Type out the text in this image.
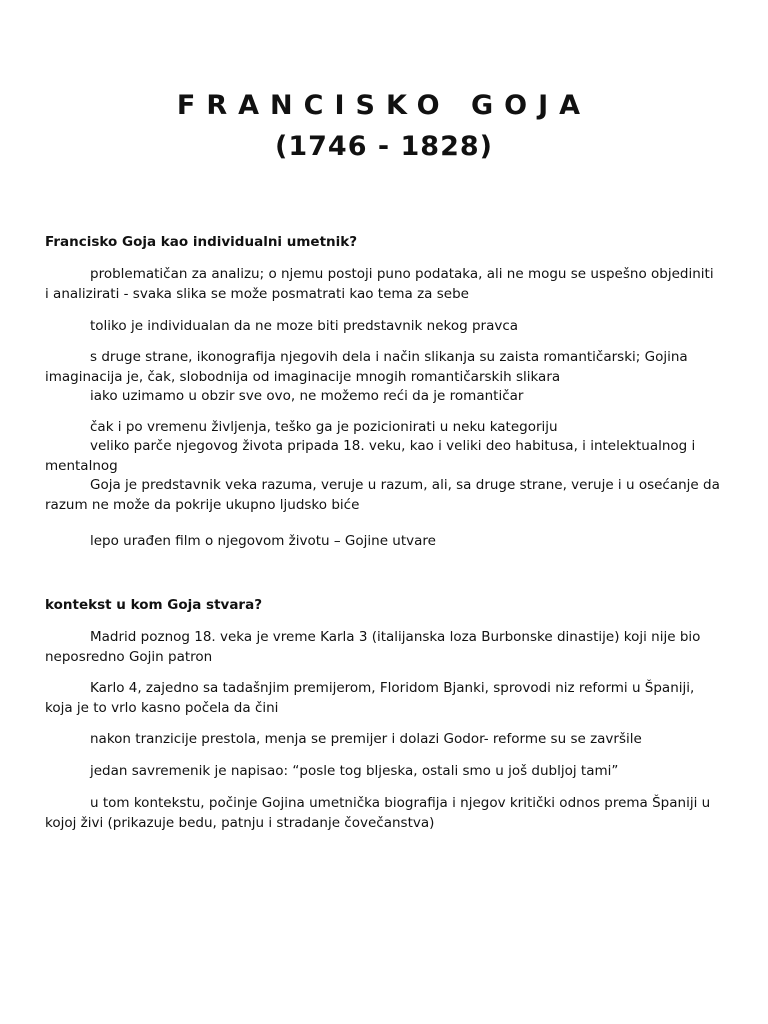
FRANCISKO GOJA
(1746 - 1828)
Francisko Goja kao individualni umetnik?

problematičan za analizu; o njemu postoji puno podataka, ali ne mogu se uspešno objediniti i analizirati - svaka slika se može posmatrati kao tema za sebe

toliko je individualan da ne moze biti predstavnik nekog pravca

s druge strane, ikonografija njegovih dela i način slikanja su zaista romantičarski; Gojina imaginacija je, čak, slobodnija od imaginacije mnogih romantičarskih slikara

iako uzimamo u obzir sve ovo, ne možemo reći da je romantičar

čak i po vremenu življenja, teško ga je pozicionirati u neku kategoriju

veliko parče njegovog života pripada 18. veku, kao i veliki deo habitusa, i intelektualnog i mentalnog

Goja je predstavnik veka razuma, veruje u razum, ali, sa druge strane, veruje i u osećanje da razum ne može da pokrije ukupno ljudsko biće

lepo urađen film o njegovom životu – Gojine utvare

kontekst u kom Goja stvara?

Madrid poznog 18. veka je vreme Karla 3 (italijanska loza Burbonske dinastije) koji nije bio neposredno Gojin patron

Karlo 4, zajedno sa tadašnjim premijerom, Floridom Bjanki, sprovodi niz reformi u Španiji, koja je to vrlo kasno počela da čini

nakon tranzicije prestola, menja se premijer i dolazi Godor- reforme su se završile

jedan savremenik je napisao: “posle tog bljeska, ostali smo u još dubljoj tami”

u tom kontekstu, počinje Gojina umetnička biografija i njegov kritički odnos prema Španiji u kojoj živi (prikazuje bedu, patnju i stradanje čovečanstva)
